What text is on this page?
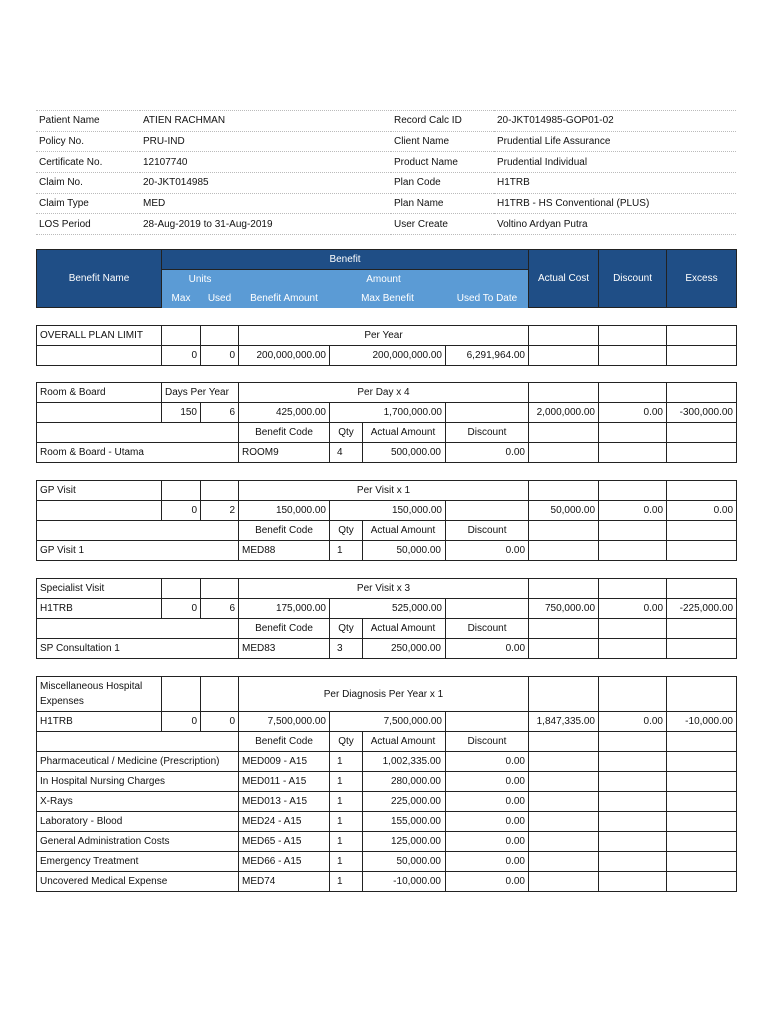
Patient Name	ATIEN RACHMAN	Record Calc ID	20-JKT014985-GOP01-02
Policy No.	PRU-IND	Client Name	Prudential Life Assurance
Certificate No.	12107740	Product Name	Prudential Individual
Claim No.	20-JKT014985	Plan Code	H1TRB
Claim Type	MED	Plan Name	H1TRB - HS Conventional (PLUS)
LOS Period	28-Aug-2019 to 31-Aug-2019	User Create	Voltino Ardyan Putra
Benefit Name	Benefit					Actual Cost	Discount	Excess
	Units		Amount					
	Max	Used	Benefit Amount	Max Benefit	Used To Date			
OVERALL PLAN LIMIT			Per Year					
	0	0	200,000,000.00	200,000,000.00	6,291,964.00			
Room & Board	Days Per Year		Per Day x 4					
	150	6	425,000.00	1,700,000.00		2,000,000.00	0.00	-300,000.00
			Benefit Code	Qty Actual Amount	Discount			
Room & Board - Utama			ROOM9	4 500,000.00	0.00			
GP Visit			Per Visit x 1					
	0	2	150,000.00	150,000.00		50,000.00	0.00	0.00
			Benefit Code	Qty Actual Amount	Discount			
GP Visit 1			MED88	1 50,000.00	0.00			
Specialist Visit			Per Visit x 3					
H1TRB	0	6	175,000.00	525,000.00		750,000.00	0.00	-225,000.00
			Benefit Code	Qty Actual Amount	Discount			
SP Consultation 1			MED83	3 250,000.00	0.00			
Miscellaneous Hospital Expenses			Per Diagnosis Per Year x 1					
H1TRB	0	0	7,500,000.00	7,500,000.00		1,847,335.00	0.00	-10,000.00
			Benefit Code	Qty Actual Amount	Discount			
Pharmaceutical / Medicine (Prescription)			MED009 - A15	1 1,002,335.00	0.00			
In Hospital Nursing Charges			MED011 - A15	1 280,000.00	0.00			
X-Rays			MED013 - A15	1 225,000.00	0.00			
Laboratory - Blood			MED24 - A15	1 155,000.00	0.00			
General Administration Costs			MED65 - A15	1 125,000.00	0.00			
Emergency Treatment			MED66 - A15	1 50,000.00	0.00			
Uncovered Medical Expense			MED74	1 -10,000.00	0.00			
